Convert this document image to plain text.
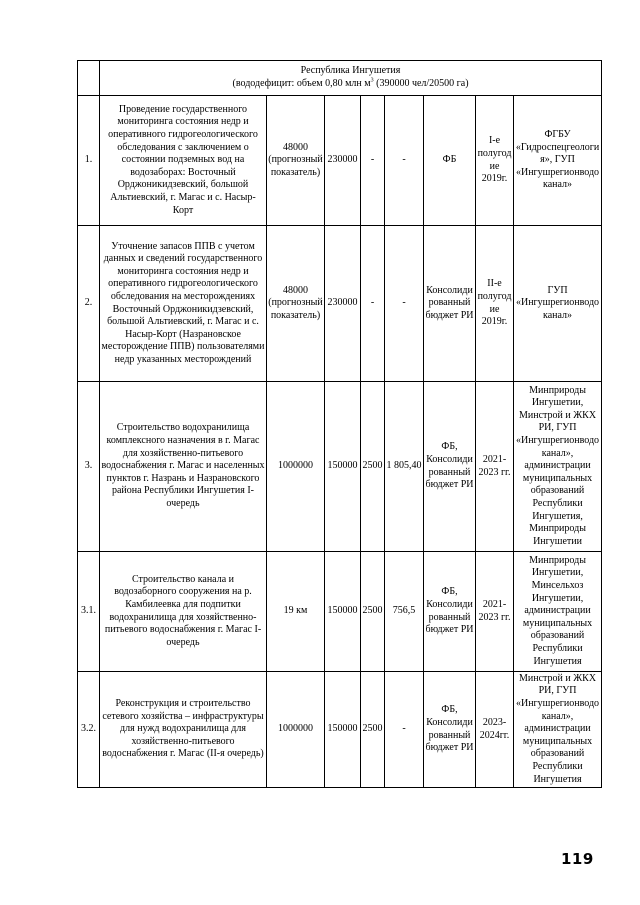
	Республика Ингушетия
(вододефицит: объем 0,80 млн $м^3$ (390000 чел/20500 га)							

1.	Проведение государственного мониторинга состояния недр и оперативного гидрогеологического обследования с заключением о состоянии подземных вод на водозаборах: Восточный Орджоникидзевский, большой Альтиевский, г. Магас и с. Насыр-Корт	48000 (прогнозный показатель)	230000	-	-	ФБ	I-е полугодие 2019г.	ФГБУ «Гидроспецгеология», ГУП «Ингушрегионводоканал»
2.	Уточнение запасов ППВ с учетом данных и сведений государственного мониторинга состояния недр и оперативного гидрогеологического обследования на месторождениях Восточный Орджоникидзевский, большой Альтиевский, г. Магас и с. Насыр-Корт (Назрановское месторождение ППВ) пользователями недр указанных месторождений	48000 (прогнозный показатель)	230000	-	-	Консолидированный бюджет РИ	II-е полугодие 2019г.	ГУП «Ингушрегионводоканал»
3.	Строительство водохранилища комплексного назначения в г. Магас для хозяйственно-питьевого водоснабжения г. Магас и населенных пунктов г. Назрань и Назрановского района Республики Ингушетия I-очередь	1000000	150000	2500	1 805,40	ФБ, Консолидированный бюджет РИ	2021-2023 гг.	Минприроды Ингушетии, Минстрой и ЖКХ РИ, ГУП «Ингушрегионводоканал», администрации муниципальных образований Республики Ингушетия, Минприроды Ингушетии
3.1.	Строительство канала и водозаборного сооружения на р. Камбилеевка для подпитки водохранилища для хозяйственно-питьевого водоснабжения г. Магас I-очередь	19 км	150000	2500	756,5	ФБ, Консолидированный бюджет РИ	2021-2023 гг.	Минприроды Ингушетии, Минсельхоз Ингушетии, администрации муниципальных образований Республики Ингушетия
3.2.	Реконструкция и строительство сетевого хозяйства – инфраструктуры для нужд водохранилища для хозяйственно-питьевого водоснабжения г. Магас (II-я очередь)	1000000	150000	2500	-	ФБ, Консолидированный бюджет РИ	2023-2024гг.	Минстрой и ЖКХ РИ, ГУП «Ингушрегионводоканал», администрации муниципальных образований Республики Ингушетия
119
